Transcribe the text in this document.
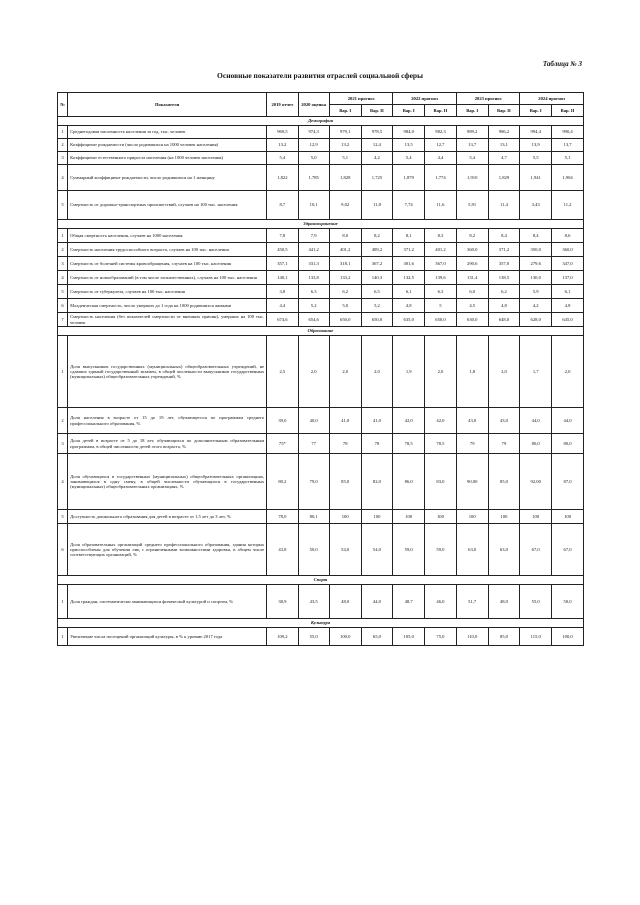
Таблица № 3
Основные показатели развития отраслей социальной сферы
№	Показатели	2019 отчет	2020 оценка	2021 прогноз		2022 прогноз		2023 прогноз		2024 прогноз	
				Вар. I	Вар. II	Вар. I	Вар. II	Вар. I	Вар. II	Вар. I	Вар. II
Демография											
1	Среднегодовая численность населения за год, тыс. человек	969,5	974,3	979,1	978,5	984,0	982,3	989,2	986,2	994,4	990,4
2	Коэффициент рождаемости (число родившихся на 1000 человек населения)	13,2	12,9	13,2	12,4	13,5	12,7	13,7	13,1	13,9	13,7
3	Коэффициент естественного прироста населения (на 1000 человек населения)	5,4	5,0	5,1	4,2	5,4	4,4	5,4	4,7	5,5	5,1
4	Суммарный коэффициент рождаемости, число родившихся на 1 женщину	1,822	1,785	1,828	1,725	1,879	1,774	1,910	1,829	1,941	1,904
5	Смертность от дорожно-транспортных происшествий, случаев на 100 тыс. населения	8,7	10,1	9,02	11,8	7,74	11,6	5,91	11,4	3,43	11,2
Здравоохранение											
1	Общая смертность населения, случаев на 1000 населения	7,8	7,9	8,0	8,2	8,1	8,3	8,2	8,4	8,4	8,6
2	Смертность населения трудоспособного возраста, случаев на 100 тыс. населения	450,5	441,2	401,2	489,2	371,2	401,2	360,0	371,2	350,0	360,0
3	Смертность от болезней системы кровообращения, случаев на 100 тыс. населения	357,1	331,3	318,1	367,2	301,6	367,0	290,6	357,0	279,6	347,0
4	Смертность от новообразований (в том числе злокачественных), случаев на 100 тыс. населения	140,1	133,8	133,2	140,3	132,5	139,6	131,4	138,5	130,0	137,0
5	Смертность от туберкулеза, случаев на 100 тыс. населения	3,8	6,3	6,2	6,5	6,1	6,3	6,0	6,2	5,9	6,1
6	Младенческая смертность, число умерших до 1 года на 1000 родившихся живыми	4,4	5,2	5,0	5,2	4,8	5	4,5	4,8	4,2	4,8
7	Смертность населения (без показателей смертности от внешних причин), умерших на 100 тыс. человек	674,6	654,6	650,0	650,0	635,0	650,0	630,0	648,0	628,0	645,0
Образование											
1	Доля выпускников государственных (муниципальных) общеобразовательных учреждений, не сдавших единый государственный экзамен, в общей численности выпускников государственных (муниципальных) общеобразовательных учреждений, %	2,5	2,0	2,0	2,0	1,9	2,0	1,8	2,0	1,7	2,0
2	Доля населения в возрасте от 15 до 19 лет, обучающегося по программам среднего профессионального образования, %	39,0	40,0	41,0	41,0	42,0	42,0	43,0	43,0	44,0	44,0
3	Доля детей в возрасте от 5 до 18 лет, обучающихся по дополнительным образовательным программам, в общей численности детей этого возраста, %	75*	77	78	78	78,5	78,5	79	79	80,0	80,0
4	Доля обучающихся в государственных (муниципальных) общеобразовательных организациях, занимающихся в одну смену, в общей численности обучающихся в государственных (муниципальных) общеобразовательных организациях, %	80,2	79,0	85,0	82,0	86,0	83,0	90,00	85,0	92,00	87,0
5	Доступность дошкольного образования для детей в возрасте от 1,5 лет до 3 лет, %	78,0	80,1	100	100	100	100	100	100	100	100
6	Доля образовательных организаций среднего профессионального образования, здания которых приспособлены для обучения лиц с ограниченными возможностями здоровья, в общем числе соответствующих организаций, %	43,8	50,0	54,0	54,0	59,0	59,0	63,0	63,0	67,0	67,0
Спорт											
1	Доля граждан, систематически занимающихся физической культурой и спортом, %	38,9	43,5	48,0	44,0	48,7	46,0	51,7	48,0	55,0	50,0
Культура											
1	Увеличение числа посещений организаций культуры, в % к уровню 2017 года	109,2	55,0	100,0	65,0	105,0	75,0	110,0	85,0	115,0	100,0
